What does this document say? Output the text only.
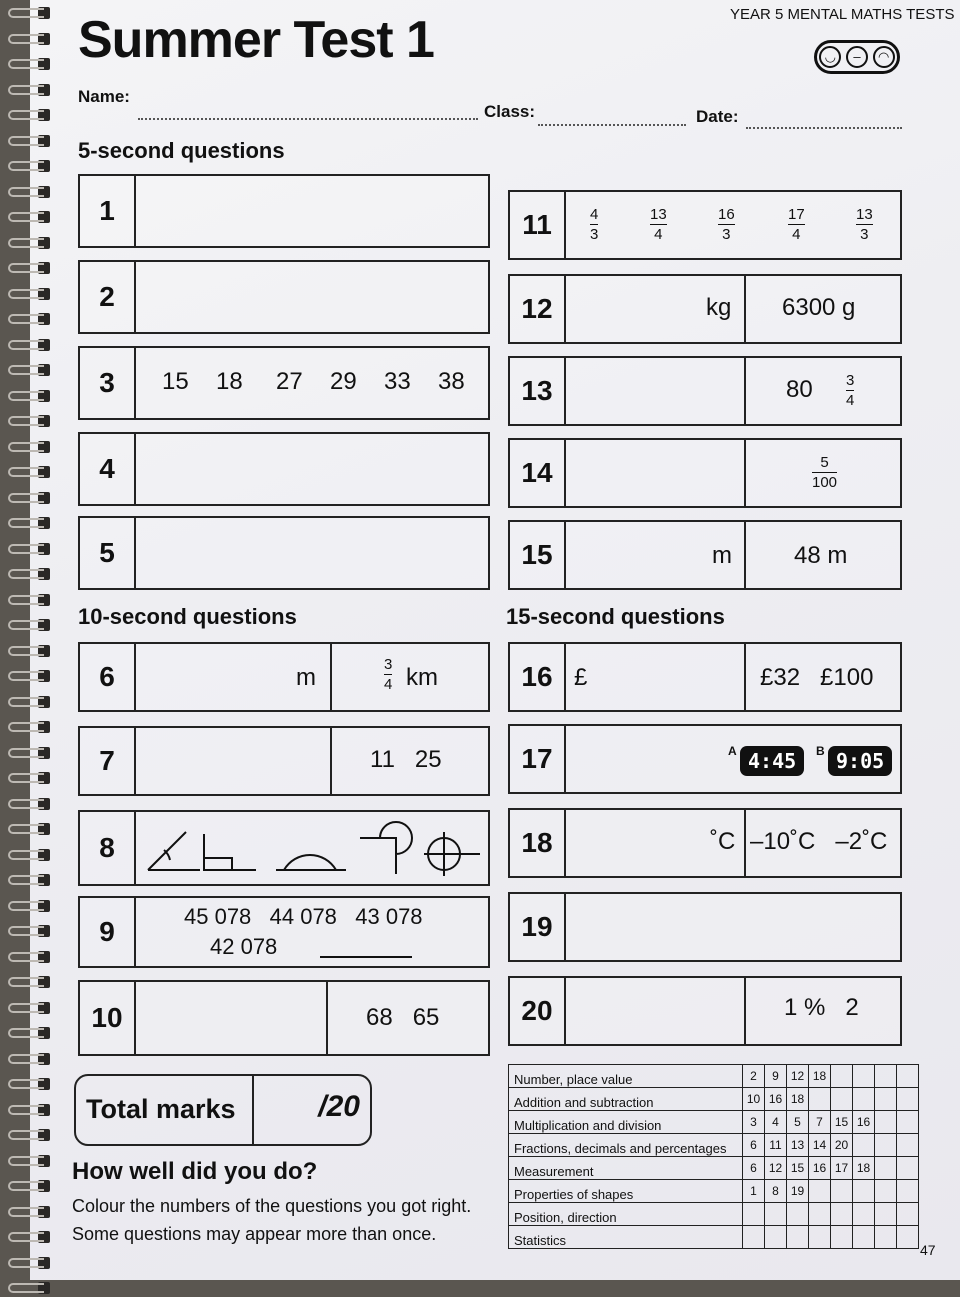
YEAR 5 MENTAL MATHS TESTS
Summer Test 1	◡	–	◠
Name:
Class:	Date:
5-second questions
10-second questions	15-second questions
1
2
3	15 18 27 29 33 38
4
5
6	m	3
4 km
7	11   25
8
9	45 078   44 078   43 078
42 078
10	68   65
11	4
3
13
4
16
3
17
4
13
3
12	kg 6300 g
13	80 3
4
14	5
100
15	m	48 m
16 £	£32   £100
17	A 4:45	B 9:05
18	˚C –10˚C   –2˚C
19
20	1 %   2
Total marks	/20
How well did you do?
Colour the numbers of the questions you got right.
Some questions may appear more than once.
Number, place value	2	9	12	18				
Addition and subtraction	10	16	18					
Multiplication and division	3	4	5	7	15	16		
Fractions, decimals and percentages	6	11	13	14	20			
Measurement	6	12	15	16	17	18		
Properties of shapes	1	8	19					
Position, direction								
Statistics								
47
